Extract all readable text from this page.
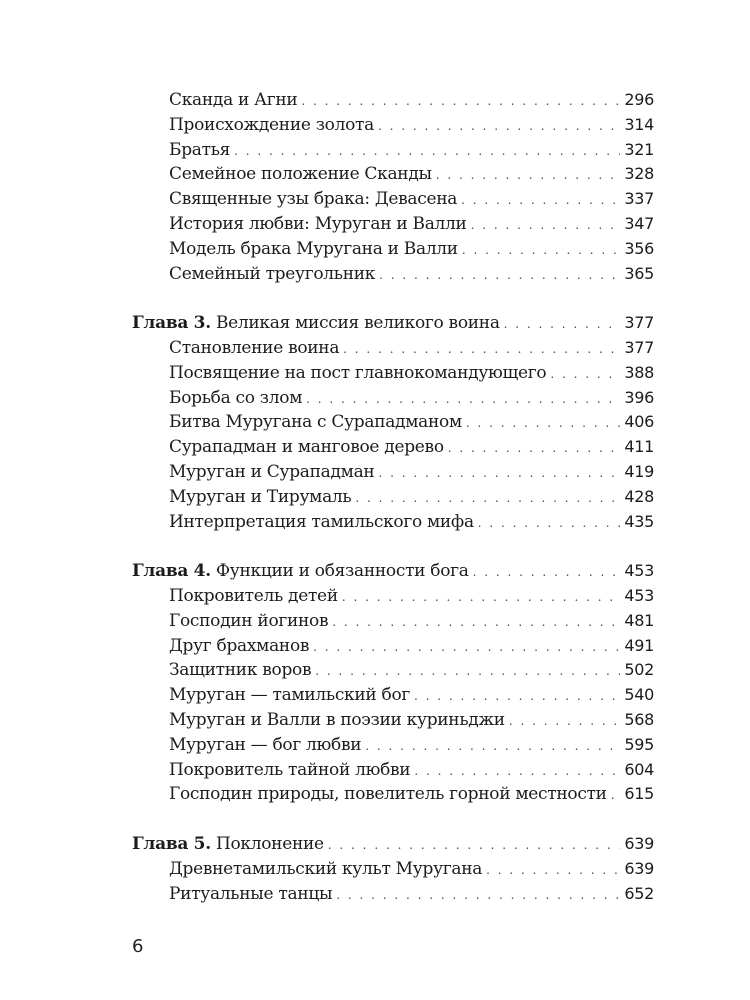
Сканда и Агни . . .	296
Происхождение золота . . .	314
Братья . . .	321
Семейное положение Сканды . . .	328
Священные узы брака: Девасена . . .	337
История любви: Муруган и Валли . . .	347
Модель брака Муругана и Валли . . .	356
Семейный треугольник . . .	365
Глава 3. Великая миссия великого воина . . .	377
Становление воина . . .	377
Посвящение на пост главнокомандующего . . .	388
Борьба со злом . . .	396
Битва Муругана с Сурападманом . . .	406
Сурападман и манговое дерево . . .	411
Муруган и Сурападман . . .	419
Муруган и Тирумаль . . .	428
Интерпретация тамильского мифа . . .	435
Глава 4. Функции и обязанности бога . . .	453
Покровитель детей . . .	453
Господин йогинов . . .	481
Друг брахманов . . .	491
Защитник воров . . .	502
Муруган — тамильский бог . . .	540
Муруган и Валли в поэзии куриньджи . . .	568
Муруган — бог любви . . .	595
Покровитель тайной любви . . .	604
Господин природы, повелитель горной местности . . . 615
Глава 5. Поклонение . . .	639
Древнетамильский культ Муругана . . .	639
Ритуальные танцы . . .	652
6
